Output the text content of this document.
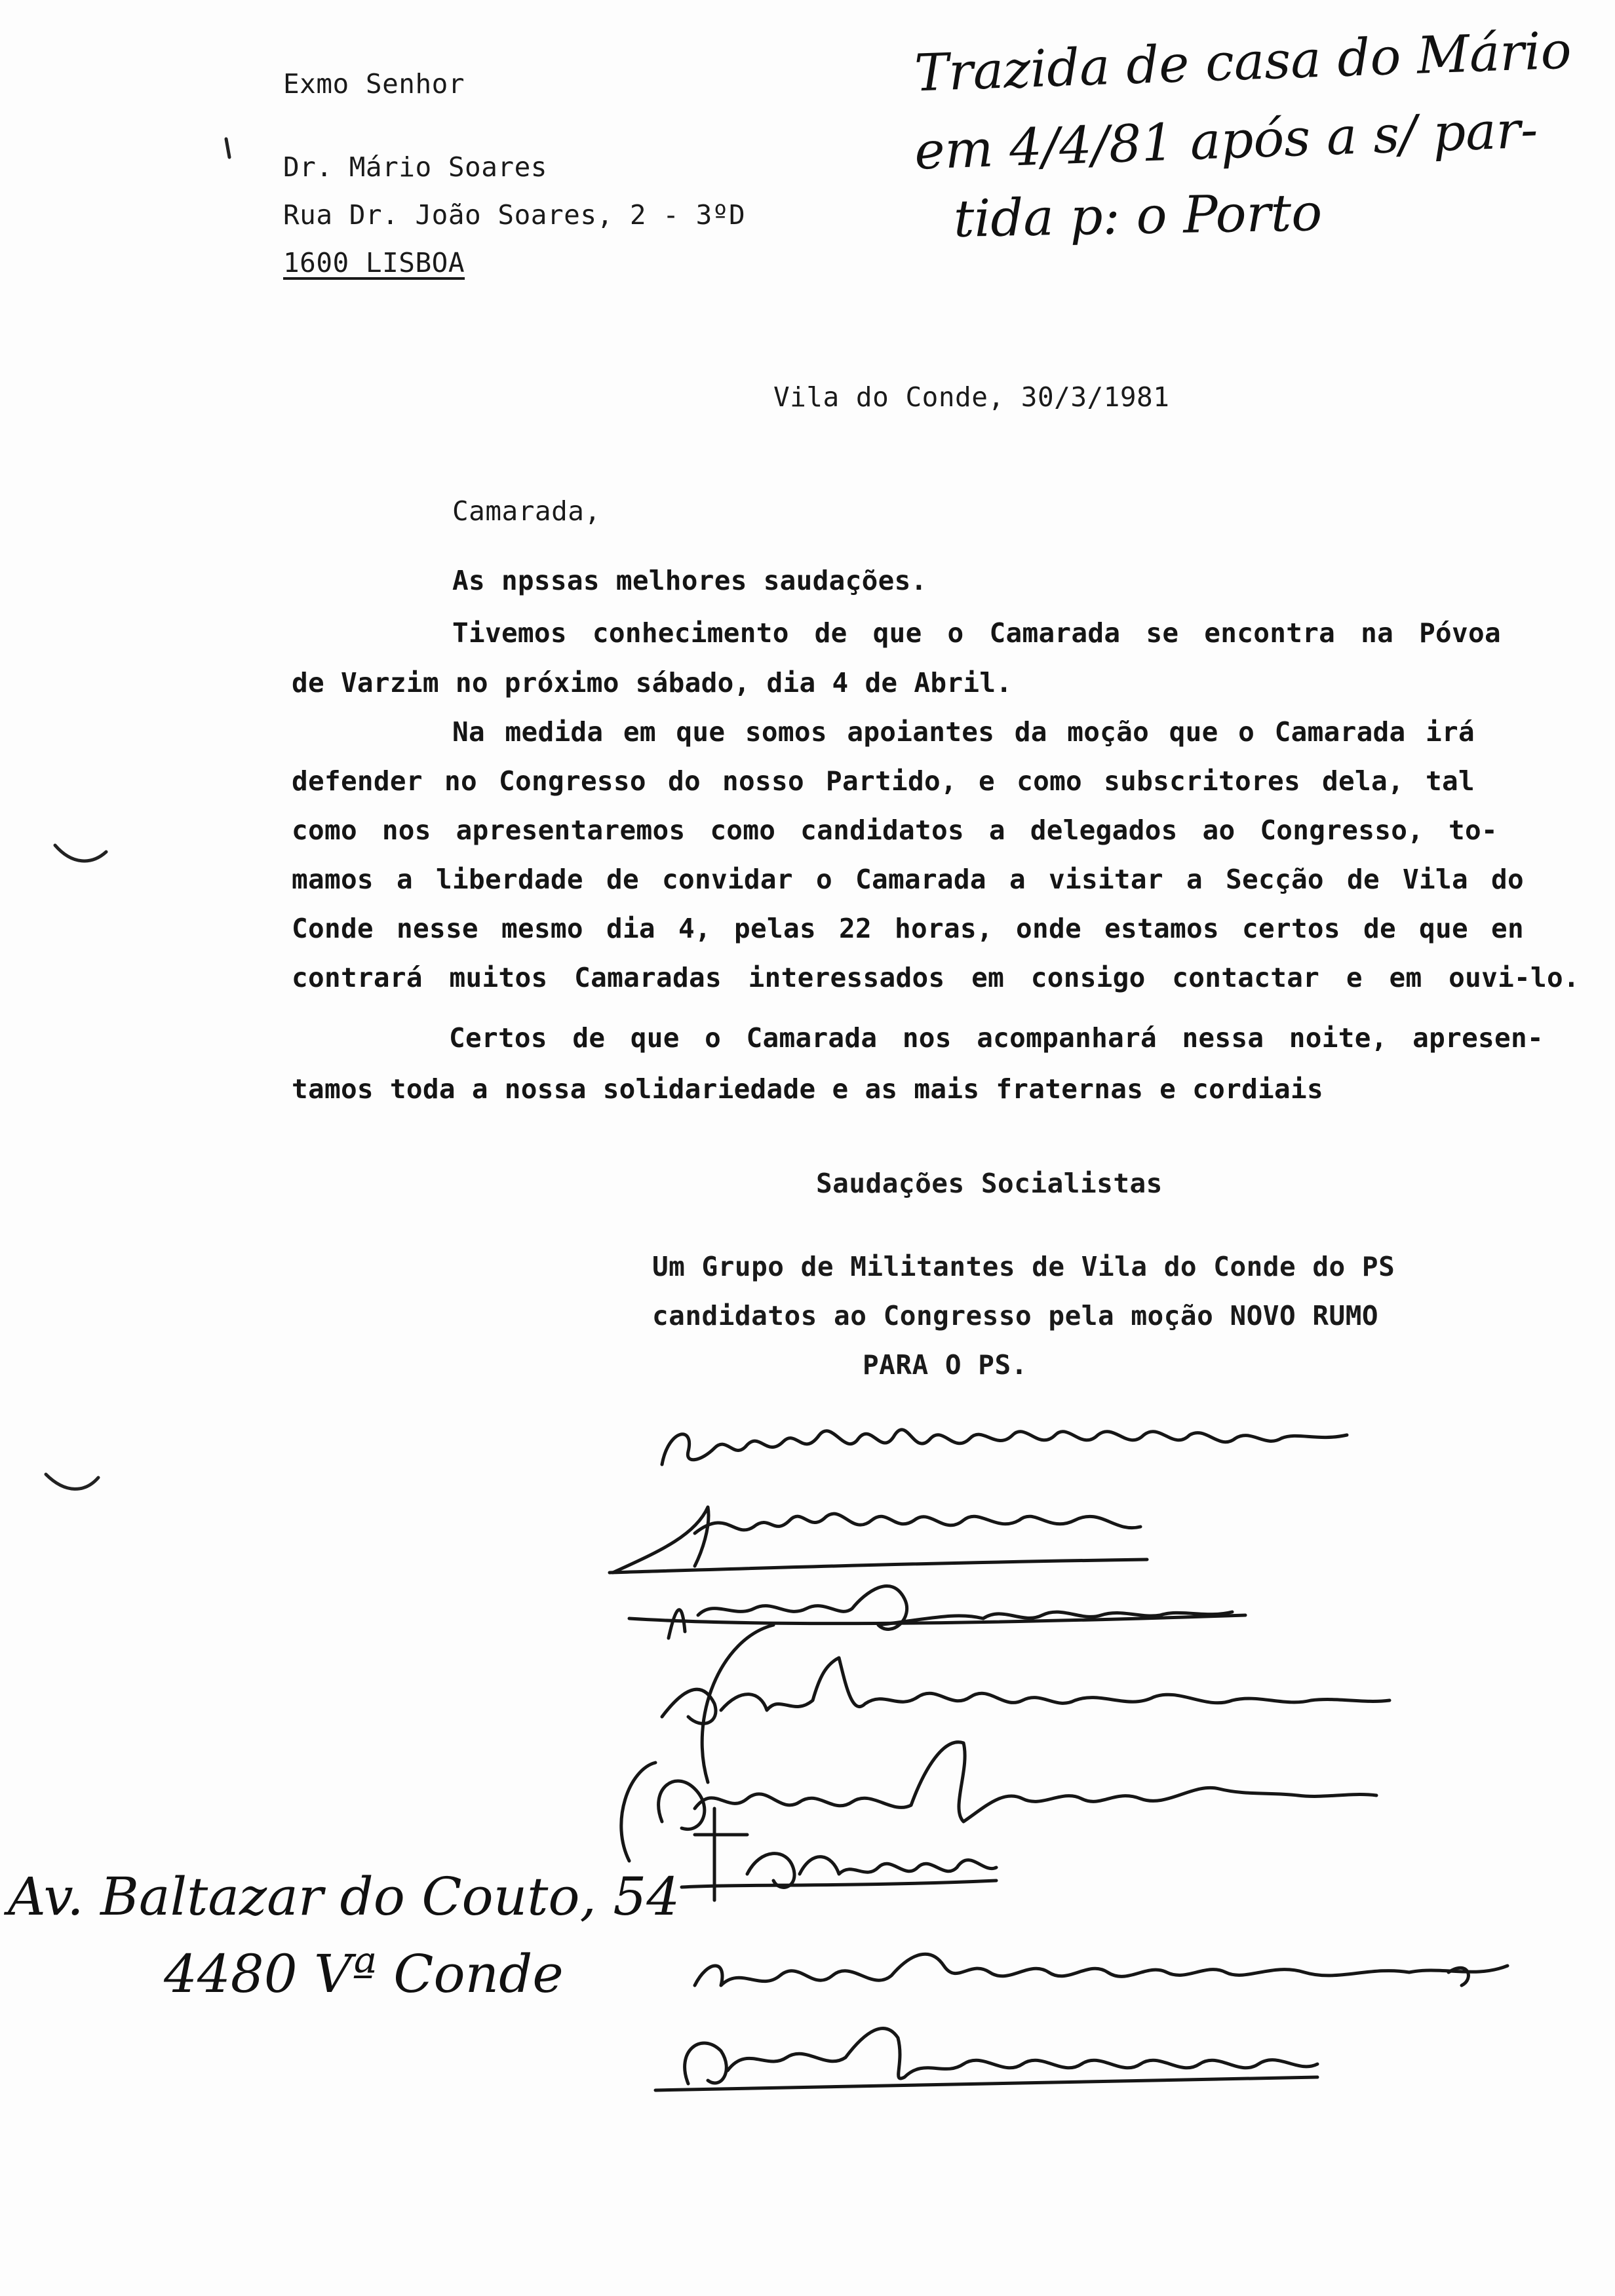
Exmo Senhor
Dr. Mário Soares
Rua Dr. João Soares, 2 - 3ºD
1600 LISBOA
Trazida de casa do Mário
em 4/4/81 após a s/ par-
tida p: o Porto
Vila do Conde, 30/3/1981
Camarada,
As npssas melhores saudações.
Tivemos conhecimento de que o Camarada se encontra na Póvoa
de Varzim no próximo sábado, dia 4 de Abril.
Na medida em que somos apoiantes da moção que o Camarada irá
defender no Congresso do nosso Partido, e como subscritores dela, tal
como nos apresentaremos como candidatos a delegados ao Congresso, to-
mamos a liberdade de convidar o Camarada a visitar a Secção de Vila do
Conde nesse mesmo dia 4, pelas 22 horas, onde estamos certos de que en
contrará muitos Camaradas interessados em consigo contactar e em ouvi-lo.
Certos de que o Camarada nos acompanhará nessa noite, apresen-
tamos toda a nossa solidariedade e as mais fraternas e cordiais
Saudações Socialistas
Um Grupo de Militantes de Vila do Conde do PS
candidatos ao Congresso pela moção NOVO RUMO
PARA O PS.
Av. Baltazar do Couto, 54
4480 Vª Conde
